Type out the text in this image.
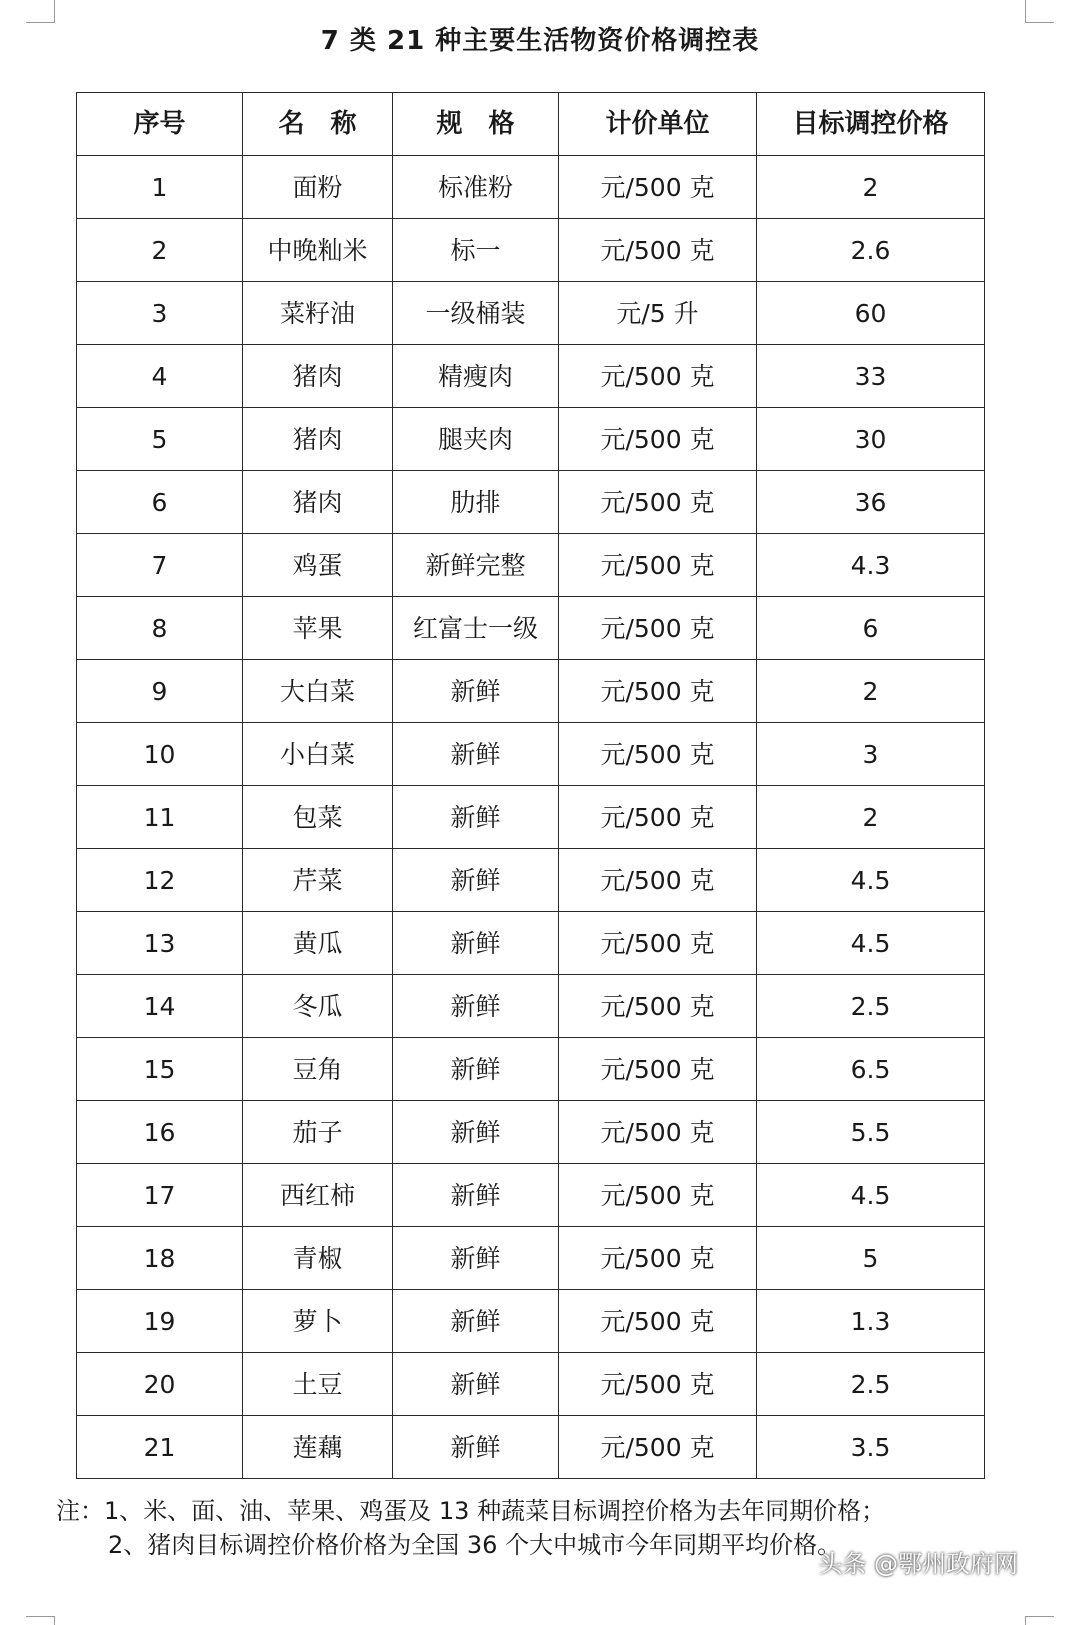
7 类 21 种主要生活物资价格调控表
序号	名　称	规　格	计价单位	目标调控价格
1	面粉	标准粉	元/500 克	2
2	中晚籼米	标一	元/500 克	2.6
3	菜籽油	一级桶装	元/5 升	60
4	猪肉	精瘦肉	元/500 克	33
5	猪肉	腿夹肉	元/500 克	30
6	猪肉	肋排	元/500 克	36
7	鸡蛋	新鲜完整	元/500 克	4.3
8	苹果	红富士一级	元/500 克	6
9	大白菜	新鲜	元/500 克	2
10	小白菜	新鲜	元/500 克	3
11	包菜	新鲜	元/500 克	2
12	芹菜	新鲜	元/500 克	4.5
13	黄瓜	新鲜	元/500 克	4.5
14	冬瓜	新鲜	元/500 克	2.5
15	豆角	新鲜	元/500 克	6.5
16	茄子	新鲜	元/500 克	5.5
17	西红柿	新鲜	元/500 克	4.5
18	青椒	新鲜	元/500 克	5
19	萝卜	新鲜	元/500 克	1.3
20	土豆	新鲜	元/500 克	2.5
21	莲藕	新鲜	元/500 克	3.5
注：1、米、面、油、苹果、鸡蛋及 13 种蔬菜目标调控价格为去年同期价格；
2、猪肉目标调控价格价格为全国 36 个大中城市今年同期平均价格。
头条 @鄂州政府网
